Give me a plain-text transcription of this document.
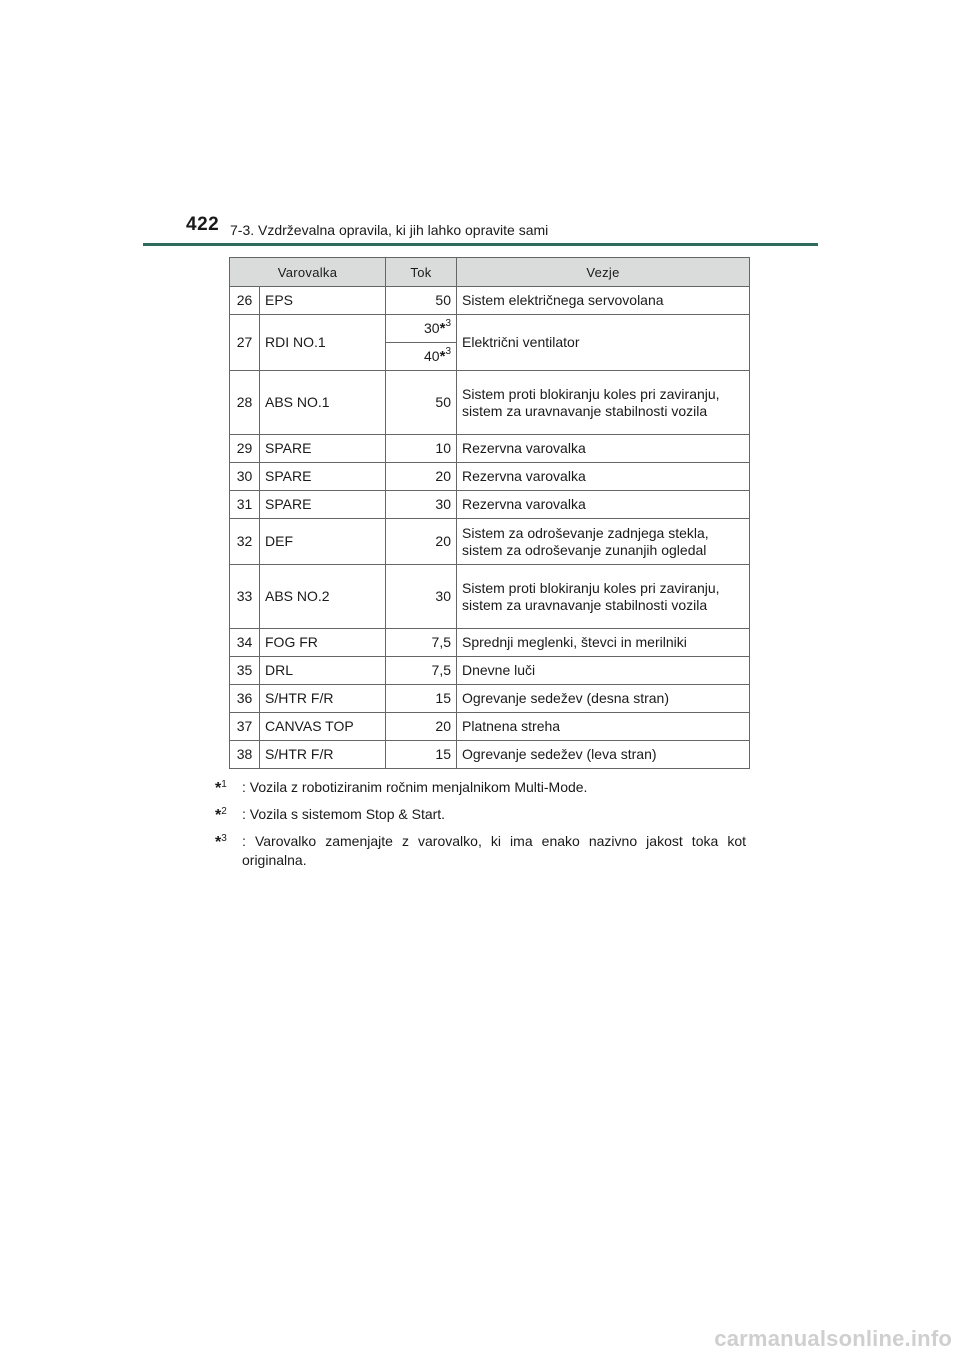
422 7-3. Vzdrževalna opravila, ki jih lahko opravite sami
Varovalka		Tok	Vezje
26	EPS	50	Sistem električnega servovolana
27	RDI NO.1	30*$^3$	Električni ventilator
		40*$^3$
28	ABS NO.1	50	Sistem proti blokiranju koles pri zaviranju, sistem za uravnavanje stabilnosti vozila
29	SPARE	10	Rezervna varovalka
30	SPARE	20	Rezervna varovalka
31	SPARE	30	Rezervna varovalka
32	DEF	20	Sistem za odroševanje zadnjega stekla, sistem za odroševanje zunanjih ogledal
33	ABS NO.2	30	Sistem proti blokiranju koles pri zaviranju, sistem za uravnavanje stabilnosti vozila
34	FOG FR	7,5	Sprednji meglenki, števci in merilniki
35	DRL	7,5	Dnevne luči
36	S/HTR F/R	15	Ogrevanje sedežev (desna stran)
37	CANVAS TOP	20	Platnena streha
38	S/HTR F/R	15	Ogrevanje sedežev (leva stran)
*$^1$ : Vozila z robotiziranim ročnim menjalnikom Multi-Mode.
*$^2$ : Vozila s sistemom Stop & Start.
*$^3$ : Varovalko zamenjajte z varovalko, ki ima enako nazivno jakost toka kot originalna.
carmanualsonline.info
